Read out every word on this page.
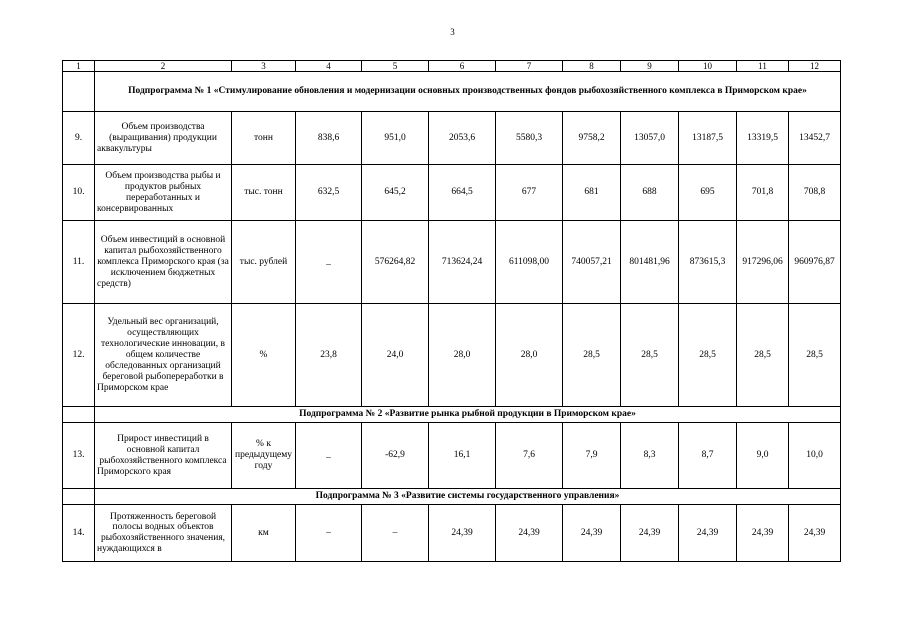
3
1	2	3	4	5	6	7	8	9	10	11	12
	Подпрограмма № 1 «Стимулирование обновления и модернизации основных производственных фондов рыбохозяйственного комплекса в Приморском крае»										
9.	Объем производства (выращивания) продукции аквакультуры	тонн	838,6	951,0	2053,6	5580,3	9758,2	13057,0	13187,5	13319,5	13452,7
10.	Объем производства рыбы и продуктов рыбных переработанных и консервированных	тыс. тонн	632,5	645,2	664,5	677	681	688	695	701,8	708,8
11.	Объем инвестиций в основной капитал рыбохозяйственного комплекса Приморского края (за исключением бюджетных средств)	тыс. рублей	_	576264,82	713624,24	611098,00	740057,21	801481,96	873615,3	917296,06	960976,87
12.	Удельный вес организаций, осуществляющих технологические инновации, в общем количестве обследованных организаций береговой рыбопереработки в Приморском крае	%	23,8	24,0	28,0	28,0	28,5	28,5	28,5	28,5	28,5
	Подпрограмма № 2 «Развитие рынка рыбной продукции в Приморском крае»										
13.	Прирост инвестиций в основной капитал рыбохозяйственного комплекса Приморского края	% к предыдущему году	_	-62,9	16,1	7,6	7,9	8,3	8,7	9,0	10,0
	Подпрограмма № 3 «Развитие системы государственного управления»										
14.	Протяженность береговой полосы водных объектов рыбохозяйственного значения, нуждающихся в	км	–	–	24,39	24,39	24,39	24,39	24,39	24,39	24,39
